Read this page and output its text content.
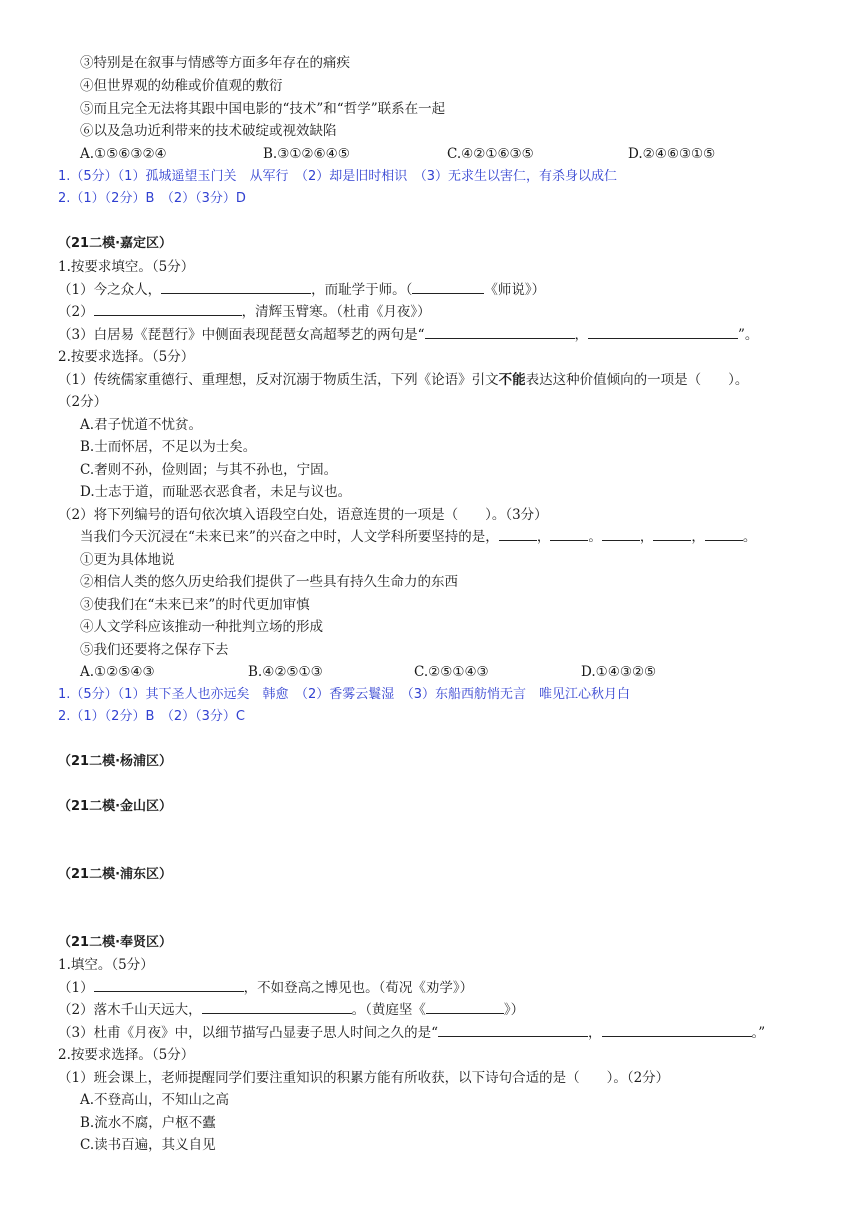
③特别是在叙事与情感等方面多年存在的痛疾
④但世界观的幼稚或价值观的敷衍
⑤而且完全无法将其跟中国电影的“技术”和“哲学”联系在一起
⑥以及急功近利带来的技术破绽或视效缺陷
A.①⑤⑥③②④	B.③①②⑥④⑤	C.④②①⑥③⑤	D.②④⑥③①⑤
1.（5分）（1）孤城遥望玉门关　从军行　（2）却是旧时相识　（3）无求生以害仁，有杀身以成仁
2.（1）（2分）B　（2）（3分）D
（21二模·嘉定区）
1.按要求填空。（5分）
（1）今之众人，	，而耻学于师。（	《师说》）
（2）	，清辉玉臂寒。（杜甫《月夜》）
（3）白居易《琵琶行》中侧面表现琵琶女高超琴艺的两句是“	，	”。
2.按要求选择。（5分）
（1）传统儒家重德行、重理想，反对沉溺于物质生活，下列《论语》引文不能表达这种价值倾向的一项是（　　）。
（2分）
A.君子忧道不忧贫。
B.士而怀居，不足以为士矣。
C.奢则不孙，俭则固；与其不孙也，宁固。
D.士志于道，而耻恶衣恶食者，未足与议也。
（2）将下列编号的语句依次填入语段空白处，语意连贯的一项是（　　）。（3分）
当我们今天沉浸在“未来已来”的兴奋之中时，人文学科所要坚持的是，	，	。	，	，	。
①更为具体地说
②相信人类的悠久历史给我们提供了一些具有持久生命力的东西
③使我们在“未来已来”的时代更加审慎
④人文学科应该推动一种批判立场的形成
⑤我们还要将之保存下去
A.①②⑤④③	B.④②⑤①③	C.②⑤①④③	D.①④③②⑤
1.（5分）（1）其下圣人也亦远矣　韩愈　（2）香雾云鬟湿　（3）东船西舫悄无言　唯见江心秋月白
2.（1）（2分）B　（2）（3分）C
（21二模·杨浦区）
（21二模·金山区）
（21二模·浦东区）
（21二模·奉贤区）
1.填空。（5分）
（1）	，不如登高之博见也。（荀况《劝学》）
（2）落木千山天远大，	。（黄庭坚《	》）
（3）杜甫《月夜》中，以细节描写凸显妻子思人时间之久的是“	，	。”
2.按要求选择。（5分）
（1）班会课上，老师提醒同学们要注重知识的积累方能有所收获，以下诗句合适的是（　　）。（2分）
A.不登高山，不知山之高
B.流水不腐，户枢不蠹
C.读书百遍，其义自见
